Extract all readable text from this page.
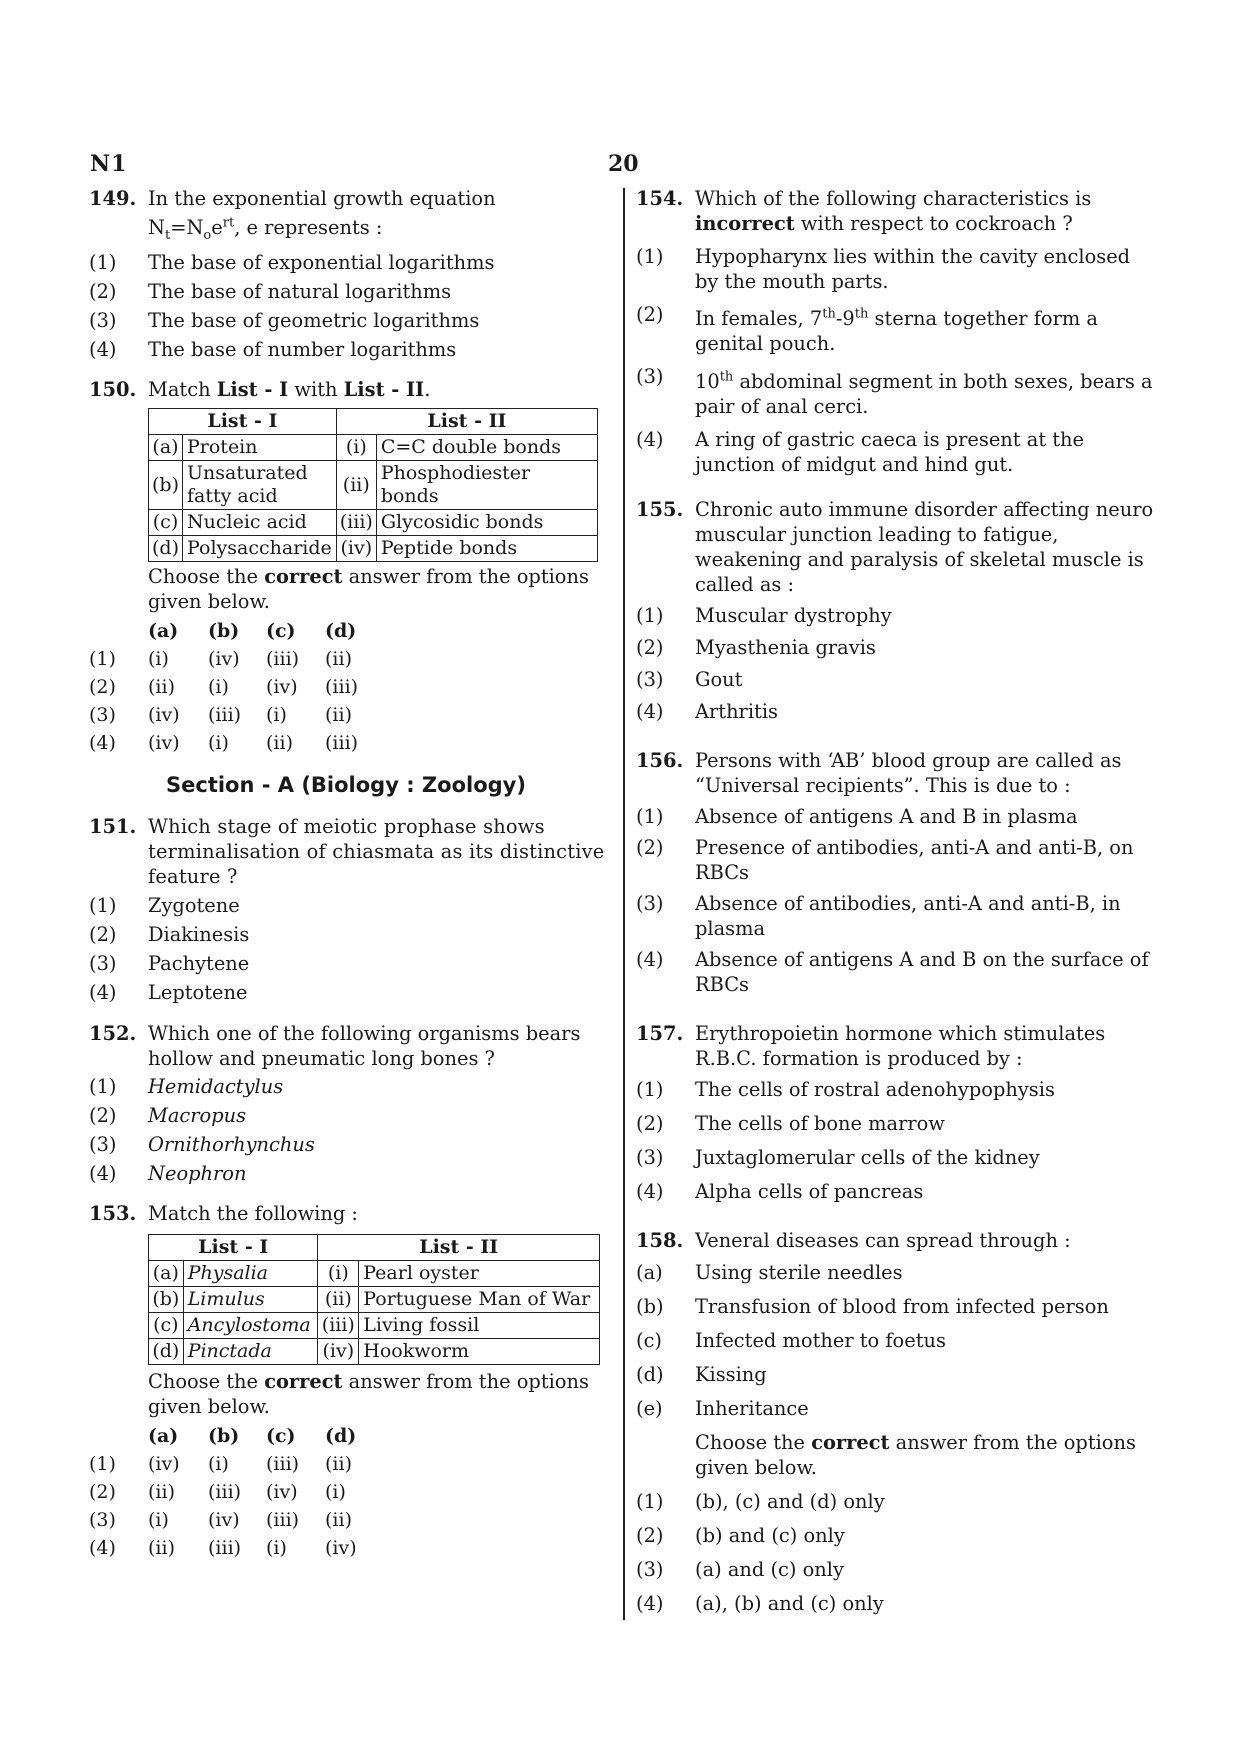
N1	20
149. In the exponential growth equation
$N_t=N_oe^{rt}$, e represents :
(1) The base of exponential logarithms
(2) The base of natural logarithms
(3) The base of geometric logarithms
(4) The base of number logarithms
150. Match List - I with List - II.
List - I		List - II	
(a)	Protein	(i)	C=C double bonds
(b)	Unsaturated fatty acid	(ii)	Phosphodiester bonds
(c)	Nucleic acid	(iii)	Glycosidic bonds
(d)	Polysaccharide	(iv)	Peptide bonds
Choose the correct answer from the options given below.
	(a)	(b)	(c)	(d)
(1)	(i)	(iv)	(iii)	(ii)
(2)	(ii)	(i)	(iv)	(iii)
(3)	(iv)	(iii)	(i)	(ii)
(4)	(iv)	(i)	(ii)	(iii)
Section - A (Biology : Zoology)
151. Which stage of meiotic prophase shows terminalisation of chiasmata as its distinctive feature ?
(1) Zygotene
(2) Diakinesis
(3) Pachytene
(4) Leptotene
152. Which one of the following organisms bears hollow and pneumatic long bones ?
(1) Hemidactylus
(2) Macropus
(3) Ornithorhynchus
(4) Neophron
153. Match the following :
List - I		List - II	
(a)	Physalia	(i)	Pearl oyster
(b)	Limulus	(ii)	Portuguese Man of War
(c)	Ancylostoma	(iii)	Living fossil
(d)	Pinctada	(iv)	Hookworm
Choose the correct answer from the options given below.
	(a)	(b)	(c)	(d)
(1)	(iv)	(i)	(iii)	(ii)
(2)	(ii)	(iii)	(iv)	(i)
(3)	(i)	(iv)	(iii)	(ii)
(4)	(ii)	(iii)	(i)	(iv)
154. Which of the following characteristics is incorrect with respect to cockroach ?
(1) Hypopharynx lies within the cavity enclosed by the mouth parts.
(2) In females, 7th-9th sterna together form a genital pouch.
(3) 10th abdominal segment in both sexes, bears a pair of anal cerci.
(4) A ring of gastric caeca is present at the junction of midgut and hind gut.
155. Chronic auto immune disorder affecting neuro muscular junction leading to fatigue, weakening and paralysis of skeletal muscle is called as :
(1) Muscular dystrophy
(2) Myasthenia gravis
(3) Gout
(4) Arthritis
156. Persons with ‘AB’ blood group are called as “Universal recipients”. This is due to :
(1) Absence of antigens A and B in plasma
(2) Presence of antibodies, anti-A and anti-B, on RBCs
(3) Absence of antibodies, anti-A and anti-B, in plasma
(4) Absence of antigens A and B on the surface of RBCs
157. Erythropoietin hormone which stimulates R.B.C. formation is produced by :
(1) The cells of rostral adenohypophysis
(2) The cells of bone marrow
(3) Juxtaglomerular cells of the kidney
(4) Alpha cells of pancreas
158. Veneral diseases can spread through :
(a) Using sterile needles
(b) Transfusion of blood from infected person
(c) Infected mother to foetus
(d) Kissing
(e) Inheritance
Choose the correct answer from the options given below.
(1) (b), (c) and (d) only
(2) (b) and (c) only
(3) (a) and (c) only
(4) (a), (b) and (c) only
